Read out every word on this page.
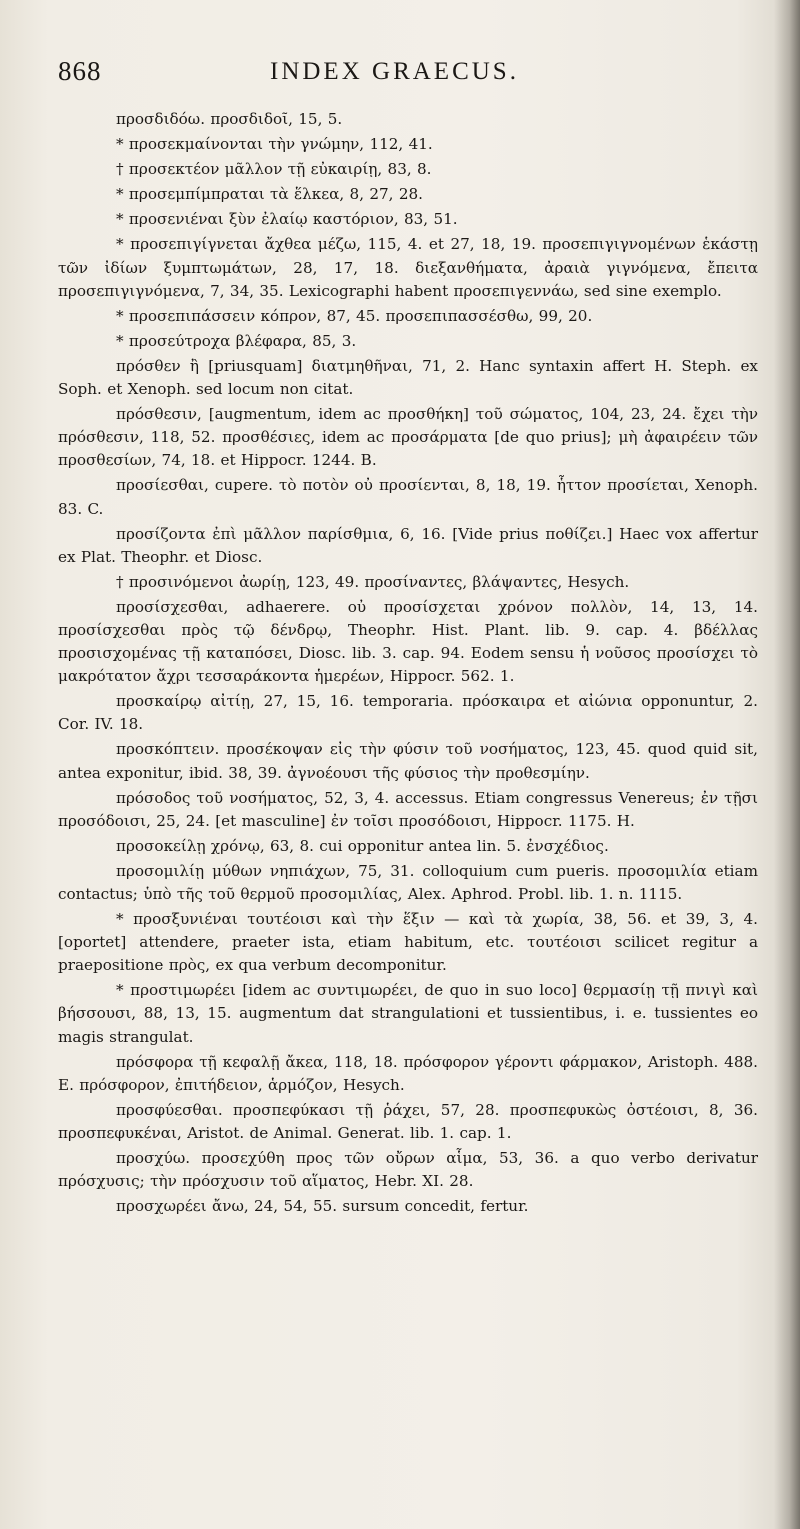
868	INDEX GRAECUS.

προσδιδόω. προσδιδοῖ, 15, 5.

* προσεκμαίνονται τὴν γνώμην, 112, 41.

† προσεκτέον μᾶλλον τῇ εὐκαιρίῃ, 83, 8.

* προσεμπίμπραται τὰ ἕλκεα, 8, 27, 28.

* προσενιέναι ξὺν ἐλαίῳ καστόριον, 83, 51.

* προσεπιγίγνεται ἄχθεα μέζω, 115, 4. et 27, 18, 19. προσεπιγιγνομένων ἑκάστῃ τῶν ἰδίων ξυμπτωμάτων, 28, 17, 18. διεξανθήματα, ἀραιὰ γιγνόμενα, ἔπειτα προσεπιγιγνόμενα, 7, 34, 35. Lexicographi habent προσεπιγεννάω, sed sine exemplo.

* προσεπιπάσσειν κόπρον, 87, 45. προσεπιπασσέσθω, 99, 20.

* προσεύτροχα βλέφαρα, 85, 3.

πρόσθεν ἢ [priusquam] διατμηθῆναι, 71, 2. Hanc syntaxin affert H. Steph. ex Soph. et Xenoph. sed locum non citat.

πρόσθεσιν, [augmentum, idem ac προσθήκη] τοῦ σώματος, 104, 23, 24. ἔχει τὴν πρόσθεσιν, 118, 52. προσθέσιες, idem ac προσάρματα [de quo prius]; μὴ ἀφαιρέειν τῶν προσθεσίων, 74, 18. et Hippocr. 1244. B.

προσίεσθαι, cupere. τὸ ποτὸν οὐ προσίενται, 8, 18, 19. ἧττον προσίεται, Xenoph. 83. C.

προσίζοντα ἐπὶ μᾶλλον παρίσθμια, 6, 16. [Vide prius ποθίζει.] Haec vox affertur ex Plat. Theophr. et Diosc.

† προσινόμενοι ἀωρίῃ, 123, 49. προσίναντες, βλάψαντες, Hesych.

προσίσχεσθαι, adhaerere. οὐ προσίσχεται χρόνον πολλὸν, 14, 13, 14. προσίσχεσθαι πρὸς τῷ δένδρῳ, Theophr. Hist. Plant. lib. 9. cap. 4. βδέλλας προσισχομένας τῇ καταπόσει, Diosc. lib. 3. cap. 94. Eodem sensu ἡ νοῦσος προσίσχει τὸ μακρότατον ἄχρι τεσσαράκοντα ἡμερέων, Hippocr. 562. 1.

προσκαίρῳ αἰτίῃ, 27, 15, 16. temporaria. πρόσκαιρα et αἰώνια opponuntur, 2. Cor. IV. 18.

προσκόπτειν. προσέκοψαν εἰς τὴν φύσιν τοῦ νοσήματος, 123, 45. quod quid sit, antea exponitur, ibid. 38, 39. ἀγνοέουσι τῆς φύσιος τὴν προθεσμίην.

πρόσοδος τοῦ νοσήματος, 52, 3, 4. accessus. Etiam congressus Venereus; ἐν τῇσι προσόδοισι, 25, 24. [et masculine] ἐν τοῖσι προσόδοισι, Hippocr. 1175. H.

προσοκείλῃ χρόνῳ, 63, 8. cui opponitur antea lin. 5. ἐνσχέδιος.

προσομιλίῃ μύθων νηπιάχων, 75, 31. colloquium cum pueris. προσομιλία etiam contactus; ὑπὸ τῆς τοῦ θερμοῦ προσομιλίας, Alex. Aphrod. Probl. lib. 1. n. 1115.

* προσξυνιέναι τουτέοισι καὶ τὴν ἕξιν — καὶ τὰ χωρία, 38, 56. et 39, 3, 4. [oportet] attendere, praeter ista, etiam habitum, etc. τουτέοισι scilicet regitur a praepositione πρὸς, ex qua verbum decomponitur.

* προστιμωρέει [idem ac συντιμωρέει, de quo in suo loco] θερμασίῃ τῇ πνιγὶ καὶ βήσσουσι, 88, 13, 15. augmentum dat strangulationi et tussientibus, i. e. tussientes eo magis strangulat.

πρόσφορα τῇ κεφαλῇ ἄκεα, 118, 18. πρόσφορον γέροντι φάρμακον, Aristoph. 488. E. πρόσφορον, ἐπιτήδειον, ἁρμόζον, Hesych.

προσφύεσθαι. προσπεφύκασι τῇ ῥάχει, 57, 28. προσπεφυκὼς ὀστέοισι, 8, 36. προσπεφυκέναι, Aristot. de Animal. Generat. lib. 1. cap. 1.

προσχύω. προσεχύθη προς τῶν οὔρων αἷμα, 53, 36. a quo verbo derivatur πρόσχυσις; τὴν πρόσχυσιν τοῦ αἵματος, Hebr. XI. 28.

προσχωρέει ἄνω, 24, 54, 55. sursum concedit, fertur.
